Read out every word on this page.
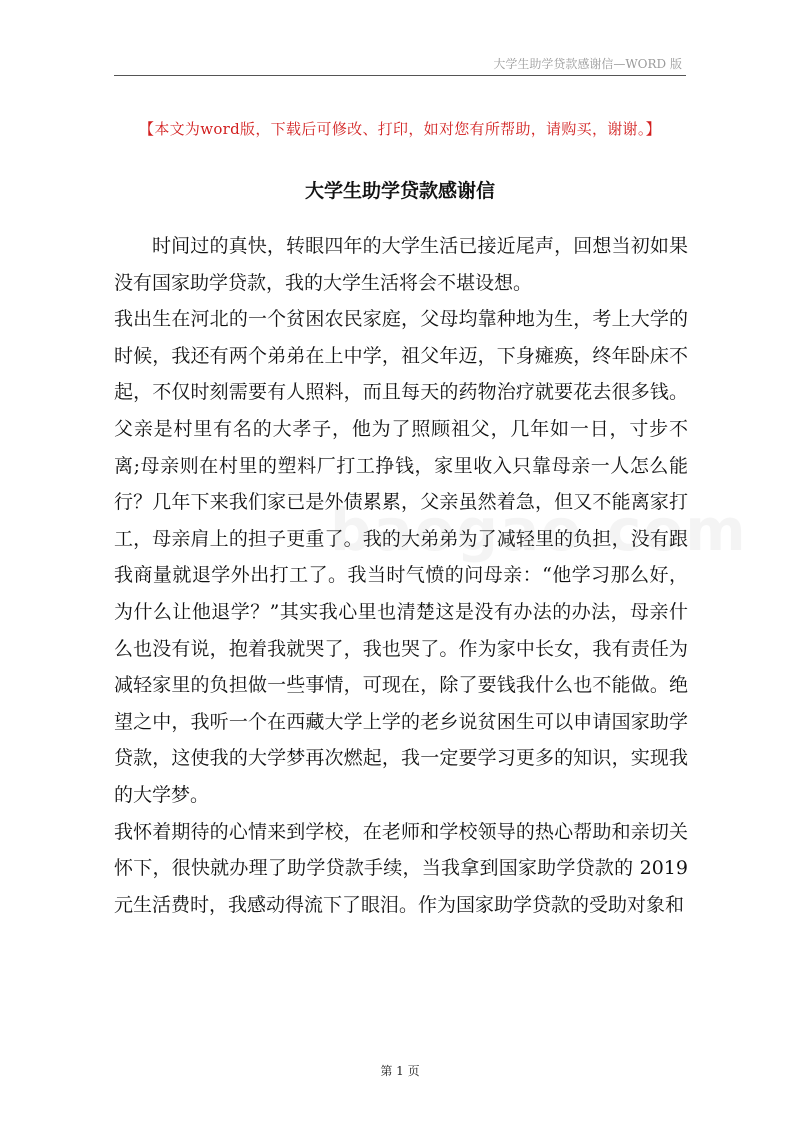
大学生助学贷款感谢信—WORD 版
【本文为word版，下载后可修改、打印，如对您有所帮助，请购买，谢谢。】
大学生助学贷款感谢信

时间过的真快，转眼四年的大学生活已接近尾声，回想当初如果没有国家助学贷款，我的大学生活将会不堪设想。

我出生在河北的一个贫困农民家庭，父母均靠种地为生，考上大学的时候，我还有两个弟弟在上中学，祖父年迈，下身瘫痪，终年卧床不起，不仅时刻需要有人照料，而且每天的药物治疗就要花去很多钱。父亲是村里有名的大孝子，他为了照顾祖父，几年如一日，寸步不离;母亲则在村里的塑料厂打工挣钱，家里收入只靠母亲一人怎么能行？几年下来我们家已是外债累累，父亲虽然着急，但又不能离家打工，母亲肩上的担子更重了。我的大弟弟为了减轻里的负担，没有跟我商量就退学外出打工了。我当时气愤的问母亲：“他学习那么好，为什么让他退学？”其实我心里也清楚这是没有办法的办法，母亲什么也没有说，抱着我就哭了，我也哭了。作为家中长女，我有责任为减轻家里的负担做一些事情，可现在，除了要钱我什么也不能做。绝望之中，我听一个在西藏大学上学的老乡说贫困生可以申请国家助学贷款，这使我的大学梦再次燃起，我一定要学习更多的知识，实现我的大学梦。

我怀着期待的心情来到学校，在老师和学校领导的热心帮助和亲切关怀下，很快就办理了助学贷款手续，当我拿到国家助学贷款的 2019 元生活费时，我感动得流下了眼泪。作为国家助学贷款的受助对象和

第 1 页
